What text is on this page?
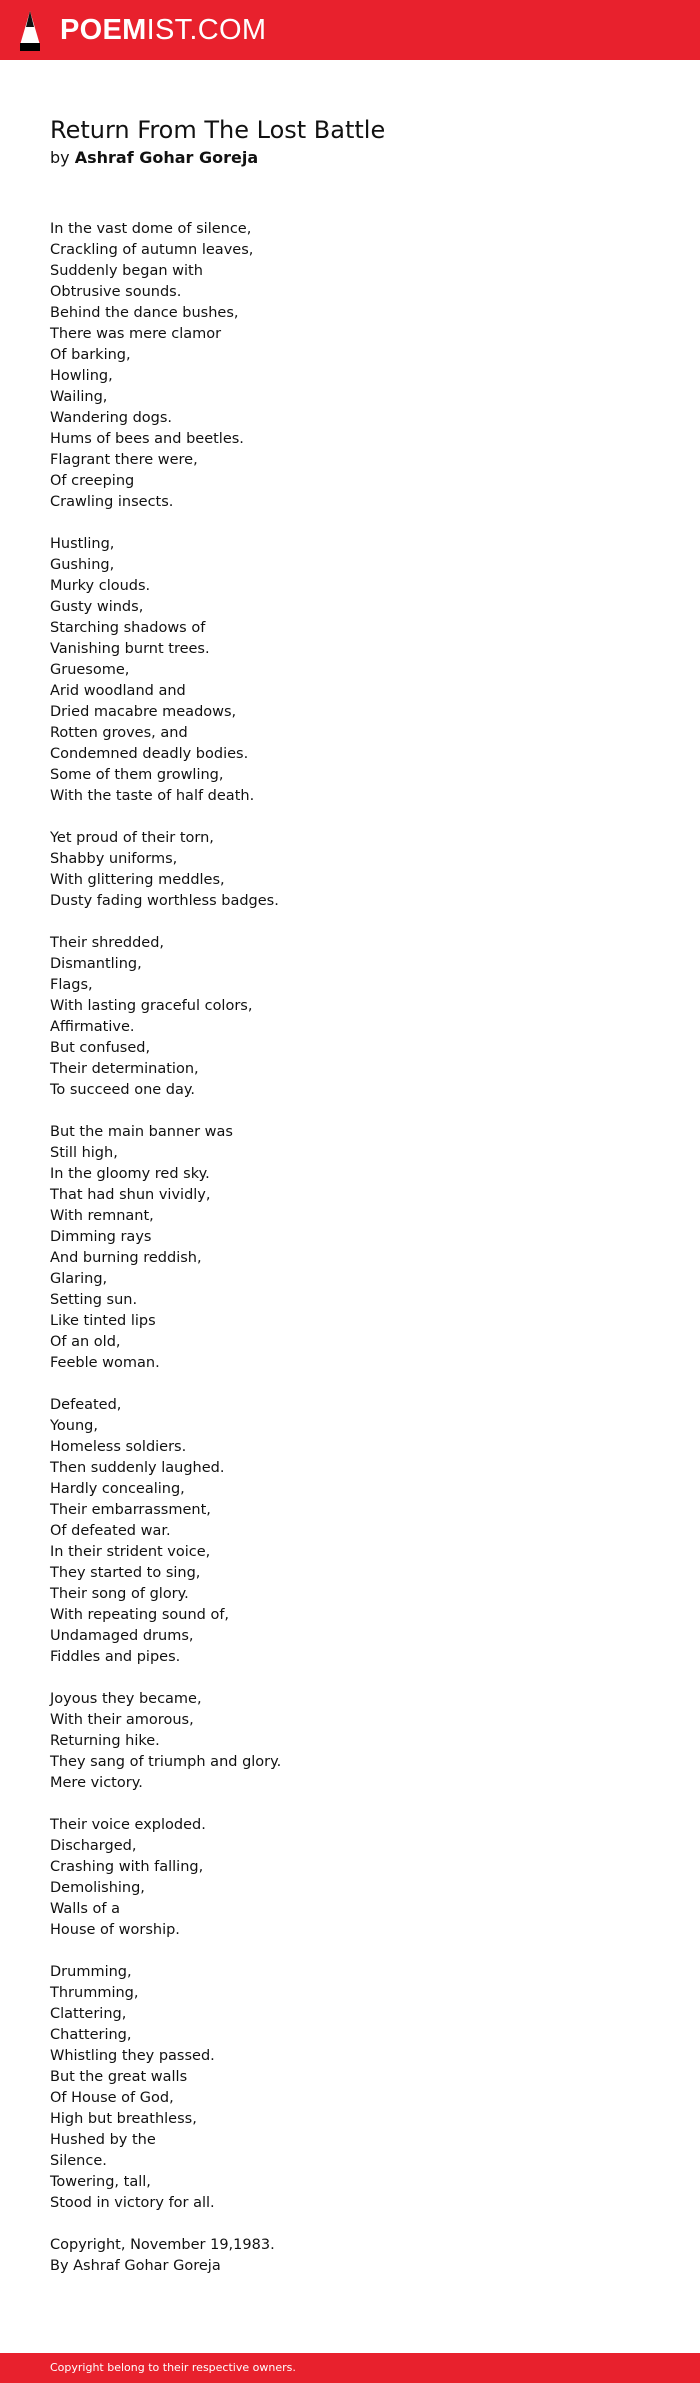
POEMIST.COM
Return From The Lost Battle
by Ashraf Gohar Goreja
In the vast dome of silence,
Crackling of autumn leaves,
Suddenly began with
Obtrusive sounds.
Behind the dance bushes,
There was mere clamor
Of barking,
Howling,
Wailing,
Wandering dogs.
Hums of bees and beetles.
Flagrant there were,
Of creeping
Crawling insects.
Hustling,
Gushing,
Murky clouds.
Gusty winds,
Starching shadows of
Vanishing burnt trees.
Gruesome,
Arid woodland and
Dried macabre meadows,
Rotten groves, and
Condemned deadly bodies.
Some of them growling,
With the taste of half death.
Yet proud of their torn,
Shabby uniforms,
With glittering meddles,
Dusty fading worthless badges.
Their shredded,
Dismantling,
Flags,
With lasting graceful colors,
Affirmative.
But confused,
Their determination,
To succeed one day.
But the main banner was
Still high,
In the gloomy red sky.
That had shun vividly,
With remnant,
Dimming rays
And burning reddish,
Glaring,
Setting sun.
Like tinted lips
Of an old,
Feeble woman.
Defeated,
Young,
Homeless soldiers.
Then suddenly laughed.
Hardly concealing,
Their embarrassment,
Of defeated war.
In their strident voice,
They started to sing,
Their song of glory.
With repeating sound of,
Undamaged drums,
Fiddles and pipes.
Joyous they became,
With their amorous,
Returning hike.
They sang of triumph and glory.
Mere victory.
Their voice exploded.
Discharged,
Crashing with falling,
Demolishing,
Walls of a
House of worship.
Drumming,
Thrumming,
Clattering,
Chattering,
Whistling they passed.
But the great walls
Of House of God,
High but breathless,
Hushed by the
Silence.
Towering, tall,
Stood in victory for all.
Copyright, November 19,1983.
By Ashraf Gohar Goreja
Copyright belong to their respective owners.
